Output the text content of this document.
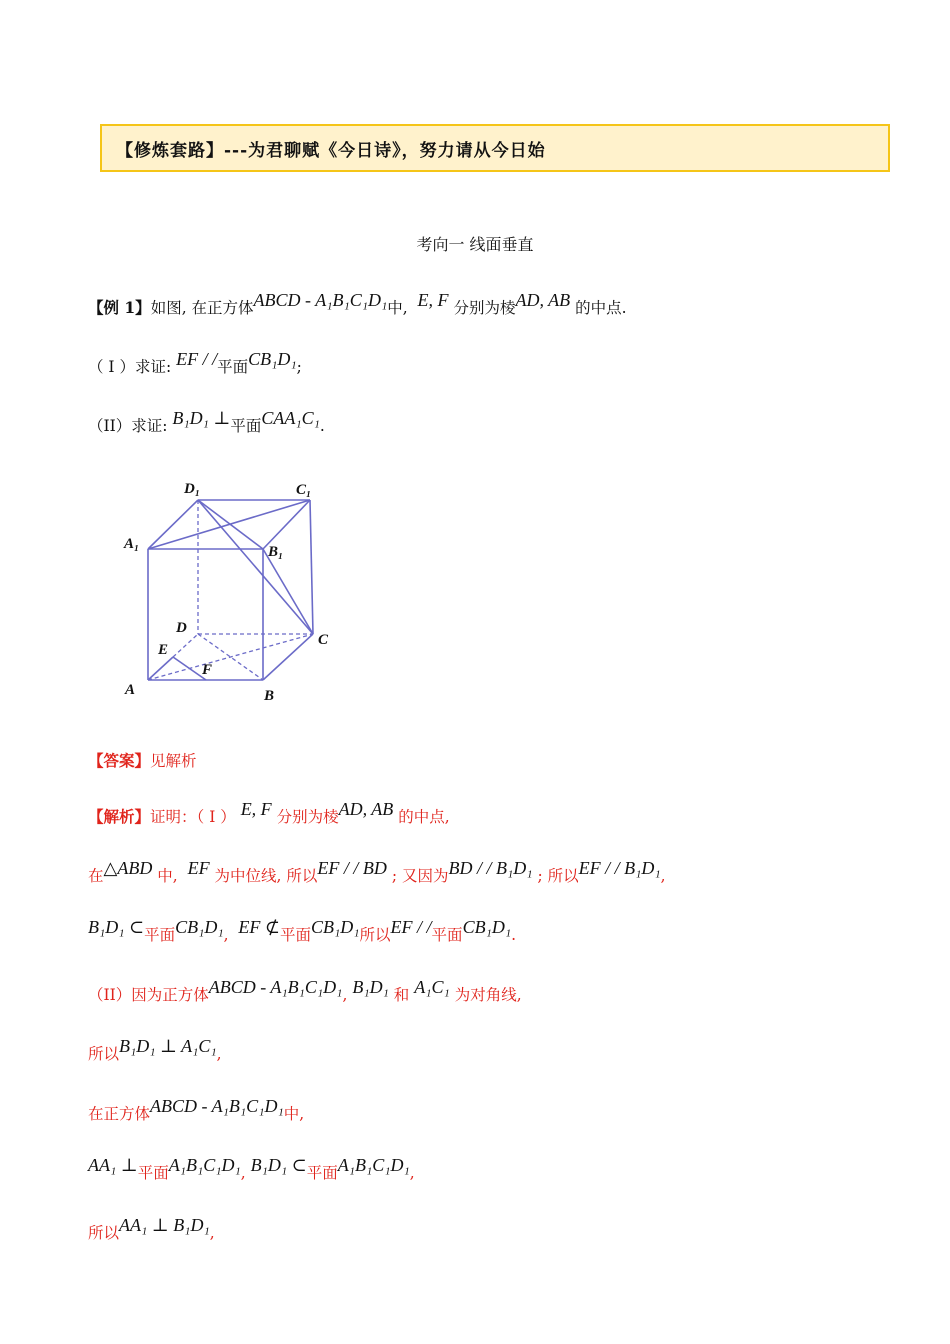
【修炼套路】---为君聊赋《今日诗》，努力请从今日始
考向一 线面垂直
【例 1】如图, 在正方体ABCD - A₁B₁C₁D₁中, E, F 分别为棱AD, AB 的中点.
（ I ）求证: EF / /平面CB₁D₁;
（II）求证: B₁D₁ ⊥平面CAA₁C₁.
D₁	C₁
A₁	B₁
D
C
E
F
A	B
【答案】见解析
【解析】证明：（ I ） E, F 分别为棱AD, AB 的中点,
在△ABD 中, EF 为中位线, 所以EF / / BD ; 又因为BD / / B₁D₁ ; 所以EF / / B₁D₁,
B₁D₁ ⊂平面CB₁D₁, EF ⊄平面CB₁D₁所以EF / /平面CB₁D₁.
（II）因为正方体ABCD - A₁B₁C₁D₁, B₁D₁ 和 A₁C₁ 为对角线,
所以B₁D₁ ⊥ A₁C₁,
在正方体ABCD - A₁B₁C₁D₁中,
AA₁ ⊥平面A₁B₁C₁D₁, B₁D₁ ⊂平面A₁B₁C₁D₁,
所以AA₁ ⊥ B₁D₁,
